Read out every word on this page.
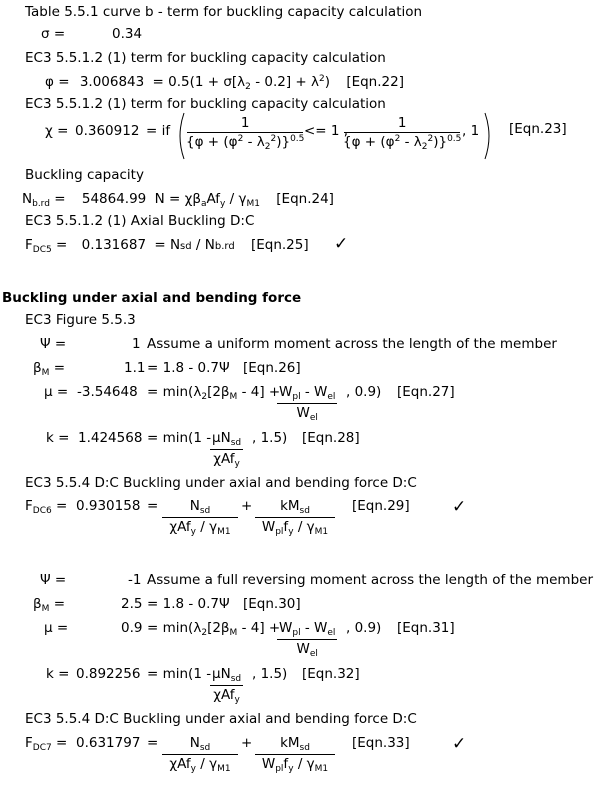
Table 5.5.1 curve b - term for buckling capacity calculation
σ =	0.34
EC3 5.5.1.2 (1) term for buckling capacity calculation
$\varphi = 3.006843 = 0.5(1 + \sigma[\lambda_2 - 0.2] + \lambda^2)$ [Eqn.22]
EC3 5.5.1.2 (1) term for buckling capacity calculation
χ = 0.360912 = if $\frac{1}{\{\varphi + (\varphi^2 - \lambda_2^2)\}^{0.5}} <= 1$ ,
$\frac{1}{\{\varphi + (\varphi^2 - \lambda_2^2)\}^{0.5}}$ , 1 [Eqn.23]
Buckling capacity
$N_{b.rd} = 54864.99$ $N = \chi\beta_aAf_y / \gamma_{M1}$ [Eqn.24]
EC3 5.5.1.2 (1) Axial Buckling D:C
$F_{DC5} = 0.131687$ = Nsd / Nb.rd [Eqn.25] ✓
Buckling under axial and bending force
EC3 Figure 5.5.3
Ψ =	1 Assume a uniform moment across the length of the member
$\beta_M$ =	1.1 = 1.8 - 0.7Ψ [Eqn.26]
$\mu = -3.54648 = \min(\lambda_2[2\beta_M - 4]$ +
$W_{pl} - W_{el}$
$W_{el}$
, 0.9) [Eqn.27]
$k = 1.424568 = \min(1 - \mu N_{sd}$
χAf$_y$
, 1.5) [Eqn.28]
EC3 5.5.4 D:C Buckling under axial and bending force D:C
$F_{DC6} = 0.930158$ =	$N_{sd}$
$\chi Af_y / \gamma_{M1}$
+	$kM_{sd}$
$W_{pl}f_y / \gamma_{M1}$
[Eqn.29] ✓
Ψ =	-1 Assume a full reversing moment across the length of the member
$\beta_M$ =	2.5 = 1.8 - 0.7Ψ [Eqn.30]
μ =	$0.9 = \min(\lambda_2[2\beta_M - 4]$ +
$W_{pl} - W_{el}$
$W_{el}$
, 0.9) [Eqn.31]
$k = 0.892256 = \min(1 - \mu N_{sd}$
χAf$_y$
, 1.5) [Eqn.32]
EC3 5.5.4 D:C Buckling under axial and bending force D:C
$F_{DC7} = 0.631797$ =	$N_{sd}$
$\chi Af_y / \gamma_{M1}$
+	$kM_{sd}$
$W_{pl}f_y / \gamma_{M1}$
[Eqn.33] ✓
